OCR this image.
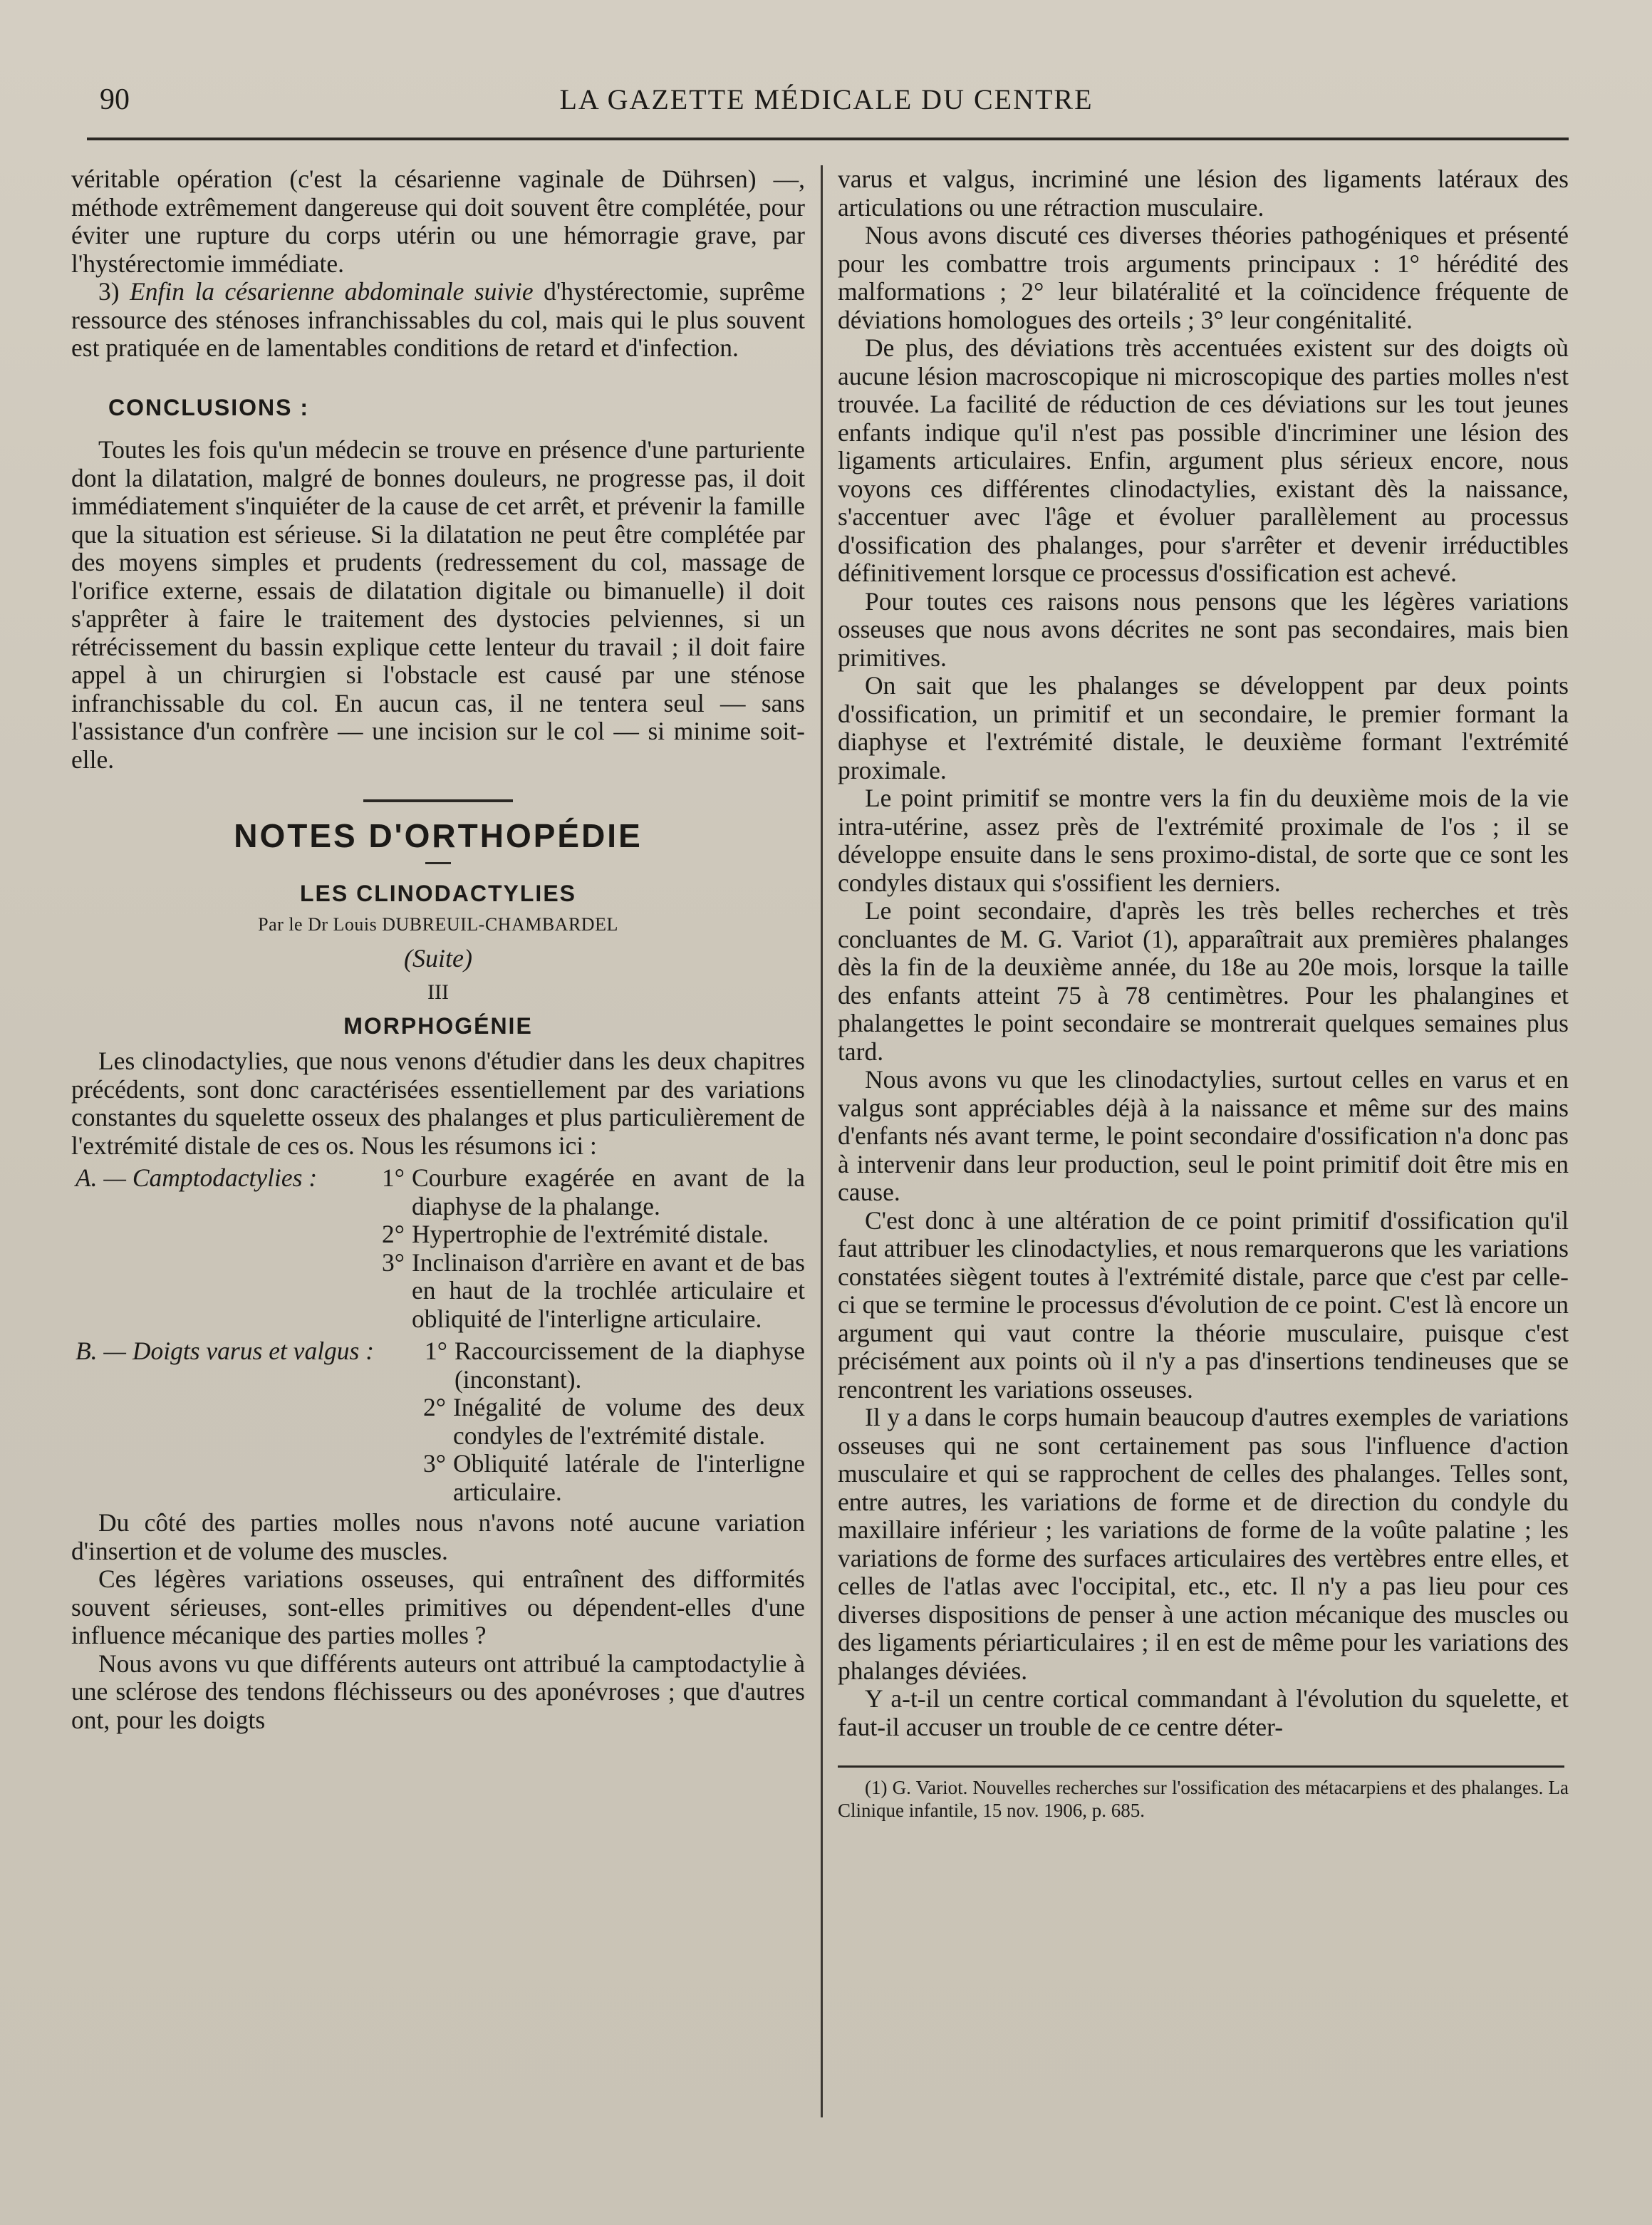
90	LA GAZETTE MÉDICALE DU CENTRE

véritable opération (c'est la césarienne vaginale de Dührsen) —, méthode extrêmement dangereuse qui doit souvent être complétée, pour éviter une rupture du corps utérin ou une hémorragie grave, par l'hystérectomie immédiate.

3) Enfin la césarienne abdominale suivie d'hystérectomie, suprême ressource des sténoses infranchissables du col, mais qui le plus souvent est pratiquée en de lamentables conditions de retard et d'infection.

CONCLUSIONS :

Toutes les fois qu'un médecin se trouve en présence d'une parturiente dont la dilatation, malgré de bonnes douleurs, ne progresse pas, il doit immédiatement s'inquiéter de la cause de cet arrêt, et prévenir la famille que la situation est sérieuse. Si la dilatation ne peut être complétée par des moyens simples et prudents (redressement du col, massage de l'orifice externe, essais de dilatation digitale ou bimanuelle) il doit s'apprêter à faire le traitement des dystocies pelviennes, si un rétrécissement du bassin explique cette lenteur du travail ; il doit faire appel à un chirurgien si l'obstacle est causé par une sténose infranchissable du col. En aucun cas, il ne tentera seul — sans l'assistance d'un confrère — une incision sur le col — si minime soit-elle.

NOTES D'ORTHOPÉDIE
LES CLINODACTYLIES
Par le Dr Louis DUBREUIL-CHAMBARDEL
(Suite)
III
MORPHOGÉNIE

Les clinodactylies, que nous venons d'étudier dans les deux chapitres précédents, sont donc caractérisées essentiellement par des variations constantes du squelette osseux des phalanges et plus particulièrement de l'extrémité distale de ces os. Nous les résumons ici :

A. — Camptodactylies :	1° Courbure exagérée en avant de la diaphyse de la phalange.
2° Hypertrophie de l'extrémité distale.
3° Inclinaison d'arrière en avant et de bas en haut de la trochlée articulaire et obliquité de l'interligne articulaire.
B. — Doigts varus et valgus :	1° Raccourcissement de la diaphyse (inconstant).
2° Inégalité de volume des deux condyles de l'extrémité distale.
3° Obliquité latérale de l'interligne articulaire.

Du côté des parties molles nous n'avons noté aucune variation d'insertion et de volume des muscles.

Ces légères variations osseuses, qui entraînent des difformités souvent sérieuses, sont-elles primitives ou dépendent-elles d'une influence mécanique des parties molles ?

Nous avons vu que différents auteurs ont attribué la camptodactylie à une sclérose des tendons fléchisseurs ou des aponévroses ; que d'autres ont, pour les doigts

varus et valgus, incriminé une lésion des ligaments latéraux des articulations ou une rétraction musculaire.

Nous avons discuté ces diverses théories pathogéniques et présenté pour les combattre trois arguments principaux : 1° hérédité des malformations ; 2° leur bilatéralité et la coïncidence fréquente de déviations homologues des orteils ; 3° leur congénitalité.

De plus, des déviations très accentuées existent sur des doigts où aucune lésion macroscopique ni microscopique des parties molles n'est trouvée. La facilité de réduction de ces déviations sur les tout jeunes enfants indique qu'il n'est pas possible d'incriminer une lésion des ligaments articulaires. Enfin, argument plus sérieux encore, nous voyons ces différentes clinodactylies, existant dès la naissance, s'accentuer avec l'âge et évoluer parallèlement au processus d'ossification des phalanges, pour s'arrêter et devenir irréductibles définitivement lorsque ce processus d'ossification est achevé.

Pour toutes ces raisons nous pensons que les légères variations osseuses que nous avons décrites ne sont pas secondaires, mais bien primitives.

On sait que les phalanges se développent par deux points d'ossification, un primitif et un secondaire, le premier formant la diaphyse et l'extrémité distale, le deuxième formant l'extrémité proximale.

Le point primitif se montre vers la fin du deuxième mois de la vie intra-utérine, assez près de l'extrémité proximale de l'os ; il se développe ensuite dans le sens proximo-distal, de sorte que ce sont les condyles distaux qui s'ossifient les derniers.

Le point secondaire, d'après les très belles recherches et très concluantes de M. G. Variot (1), apparaîtrait aux premières phalanges dès la fin de la deuxième année, du 18e au 20e mois, lorsque la taille des enfants atteint 75 à 78 centimètres. Pour les phalangines et phalangettes le point secondaire se montrerait quelques semaines plus tard.

Nous avons vu que les clinodactylies, surtout celles en varus et en valgus sont appréciables déjà à la naissance et même sur des mains d'enfants nés avant terme, le point secondaire d'ossification n'a donc pas à intervenir dans leur production, seul le point primitif doit être mis en cause.

C'est donc à une altération de ce point primitif d'ossification qu'il faut attribuer les clinodactylies, et nous remarquerons que les variations constatées siègent toutes à l'extrémité distale, parce que c'est par celle-ci que se termine le processus d'évolution de ce point. C'est là encore un argument qui vaut contre la théorie musculaire, puisque c'est précisément aux points où il n'y a pas d'insertions tendineuses que se rencontrent les variations osseuses.

Il y a dans le corps humain beaucoup d'autres exemples de variations osseuses qui ne sont certainement pas sous l'influence d'action musculaire et qui se rapprochent de celles des phalanges. Telles sont, entre autres, les variations de forme et de direction du condyle du maxillaire inférieur ; les variations de forme de la voûte palatine ; les variations de forme des surfaces articulaires des vertèbres entre elles, et celles de l'atlas avec l'occipital, etc., etc. Il n'y a pas lieu pour ces diverses dispositions de penser à une action mécanique des muscles ou des ligaments périarticulaires ; il en est de même pour les variations des phalanges déviées.

Y a-t-il un centre cortical commandant à l'évolution du squelette, et faut-il accuser un trouble de ce centre déter-

(1) G. Variot. Nouvelles recherches sur l'ossification des métacarpiens et des phalanges. La Clinique infantile, 15 nov. 1906, p. 685.
